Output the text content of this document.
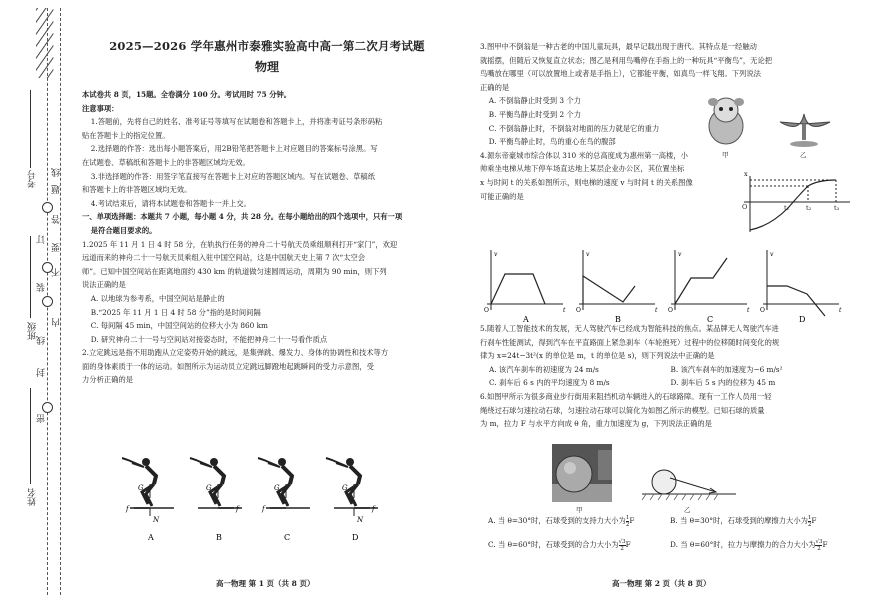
考号
班级
姓名
线
封
密
线
订
装
内
不
要
答
题
2025—2026 学年惠州市泰雅实验高中高一第二次月考试题
物理

本试卷共 8 页，15题。全卷满分 100 分。考试用时 75 分钟。

注意事项：

1.答题前，先将自己的姓名、准考证号等填写在试题卷和答题卡上，并将准考证号条形码粘

贴在答题卡上的指定位置。

2.选择题的作答：选出每小题答案后，用2B铅笔把答题卡上对应题目的答案标号涂黑。写

在试题卷、草稿纸和答题卡上的非答题区域均无效。

3.非选择题的作答：用签字笔直接写在答题卡上对应的答题区域内。写在试题卷、草稿纸

和答题卡上的非答题区域均无效。

4.考试结束后，请将本试题卷和答题卡一并上交。

一、单项选择题：本题共 7 小题，每小题 4 分，共 28 分。在每小题给出的四个选项中，只有一项

是符合题目要求的。

1.2025 年 11 月 1 日 4 时 58 分，在轨执行任务的神舟二十号航天员乘组顺利打开“家门”，欢迎

远道而来的神舟二十一号航天员乘组入驻中国空间站，这是中国航天史上第 7 次“太空会

师”。已知中国空间站在距离地面约 430 km 的轨道做匀速圆周运动，周期为 90 min，则下列

说法正确的是

A. 以地球为参考系，中国空间站是静止的

B.“2025 年 11 月 1 日 4 时 58 分”指的是时间间隔

C. 每间隔 45 min，中国空间站的位移大小为 860 km

D. 研究神舟二十一号与空间站对接姿态时，不能把神舟二十一号看作质点

2.立定跳远是指不用助跑从立定姿势开始的跳远，是集弹跳、爆发力、身体的协调性和技术等方

面的身体素质于一体的运动。如图所示为运动员立定跳远脚蹬地起跳瞬间的受力示意图，受

力分析正确的是

G
f
N
A
G
f
B
G
f
C
G
f
N
D

3.图甲中不倒翁是一种古老的中国儿童玩具，最早记载出现于唐代。其特点是一经触动

就摇摆，但随后又恢复直立状态；图乙是利用鸟嘴停在手指上的一种玩具“平衡鸟”，无论把

鸟嘴放在哪里（可以放置地上或者是手指上），它都能平衡，如真鸟一样飞翔。下列说法

正确的是

A. 不倒翁静止时受到 3 个力

B. 平衡鸟静止时受到 2 个力

C. 不倒翁静止时，不倒翁对地面的压力就是它的重力

D. 平衡鸟静止时，鸟的重心在鸟的腹部

4.源东帝豪城市综合体以 310 米的总高度成为惠州第一高楼，小

帅乘坐电梯从地下停车场直达地上某层企业办公区，其位置坐标

x 与时间 t 的关系如图所示，则电梯的速度 v 与时间 t 的关系图像

可能正确的是

甲	乙
x
O	t₁	t₂	t₃
v
t
O
A
v
t
O
B
v
t
O
C
v
t
O
D

5.随着人工智能技术的发展，无人驾驶汽车已经成为智能科技的焦点。某品牌无人驾驶汽车进

行刹车性能测试，得到汽车在平直路面上紧急刹车（车轮抱死）过程中的位移随时间变化的规

律为 x=24t−3t²(x 的单位是 m，t 的单位是 s)，则下列说法中正确的是

A. 该汽车刹车的初速度为 24 m/s	B. 该汽车刹车的加速度为−6 m/s²
C. 刹车后 6 s 内的平均速度为 8 m/s	D. 刹车后 5 s 内的位移为 45 m

6.如图甲所示为很多商业步行街用来阻挡机动车辆进入的石球路障。现有一工作人员用一轻

绳绕过石球匀速拉动石球，匀速拉动石球可以简化为如图乙所示的模型。已知石球的质量

为 m，拉力 F 与水平方向成 θ 角，重力加速度为 g，下列说法正确的是

甲	乙
A. 当 θ=30°时，石球受到的支持力大小为 $\frac{1}{2}$ F	B. 当 θ=30°时，石球受到的摩擦力大小为 $\frac{1}{2}$ F
C. 当 θ=60°时，石球受到的合力大小为 $\frac{√3}{2}$ F	D. 当 θ=60°时，拉力与摩擦力的合力大小为 $\frac{√3}{2}$ F
高一物理 第 1 页（共 8 页）	高一物理 第 2 页（共 8 页）
